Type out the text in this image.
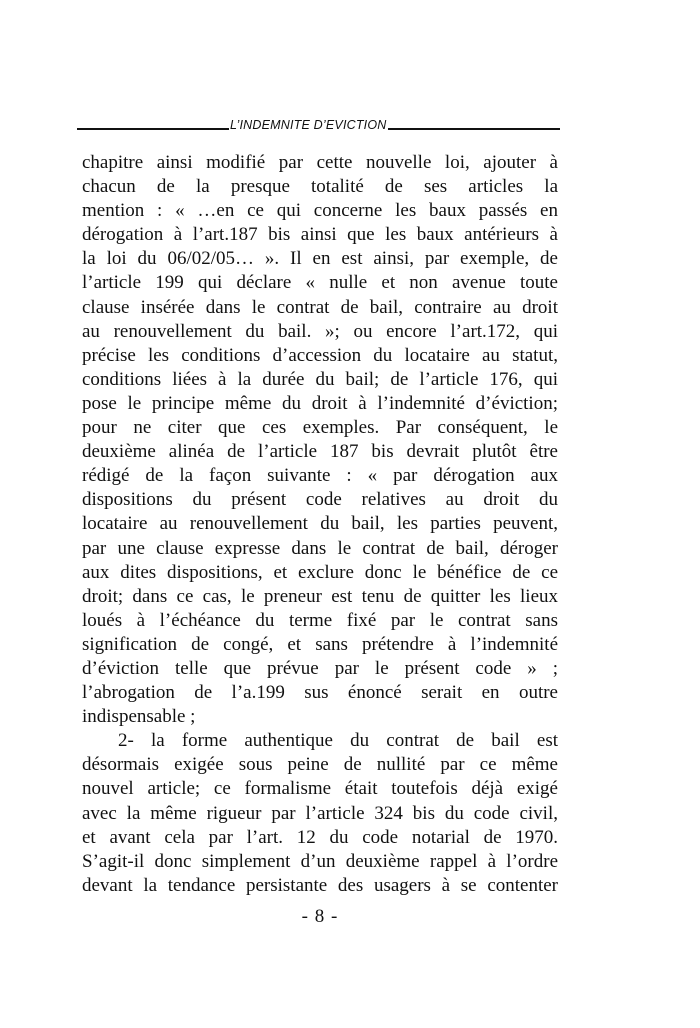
L’INDEMNITE D’EVICTION
chapitre ainsi modifié par cette nouvelle loi, ajouter à
chacun de la presque totalité de ses articles la
mention : « …en ce qui concerne les baux passés en
dérogation à l’art.187 bis ainsi que les baux antérieurs à
la loi du 06/02/05… ». Il en est ainsi, par exemple, de
l’article 199 qui déclare « nulle et non avenue toute
clause insérée dans le contrat de bail, contraire au droit
au renouvellement du bail. »; ou encore l’art.172, qui
précise les conditions d’accession du locataire au statut,
conditions liées à la durée du bail; de l’article 176, qui
pose le principe même du droit à l’indemnité d’éviction;
pour ne citer que ces exemples. Par conséquent, le
deuxième alinéa de l’article 187 bis devrait plutôt être
rédigé de la façon suivante : « par dérogation aux
dispositions du présent code relatives au droit du
locataire au renouvellement du bail, les parties peuvent,
par une clause expresse dans le contrat de bail, déroger
aux dites dispositions, et exclure donc le bénéfice de ce
droit; dans ce cas, le preneur est tenu de quitter les lieux
loués à l’échéance du terme fixé par le contrat sans
signification de congé, et sans prétendre à l’indemnité
d’éviction telle que prévue par le présent code » ;
l’abrogation de l’a.199 sus énoncé serait en outre
indispensable ;
2- la forme authentique du contrat de bail est
désormais exigée sous peine de nullité par ce même
nouvel article; ce formalisme était toutefois déjà exigé
avec la même rigueur par l’article 324 bis du code civil,
et avant cela par l’art. 12 du code notarial de 1970.
S’agit-il donc simplement d’un deuxième rappel à l’ordre
devant la tendance persistante des usagers à se contenter
- 8 -
